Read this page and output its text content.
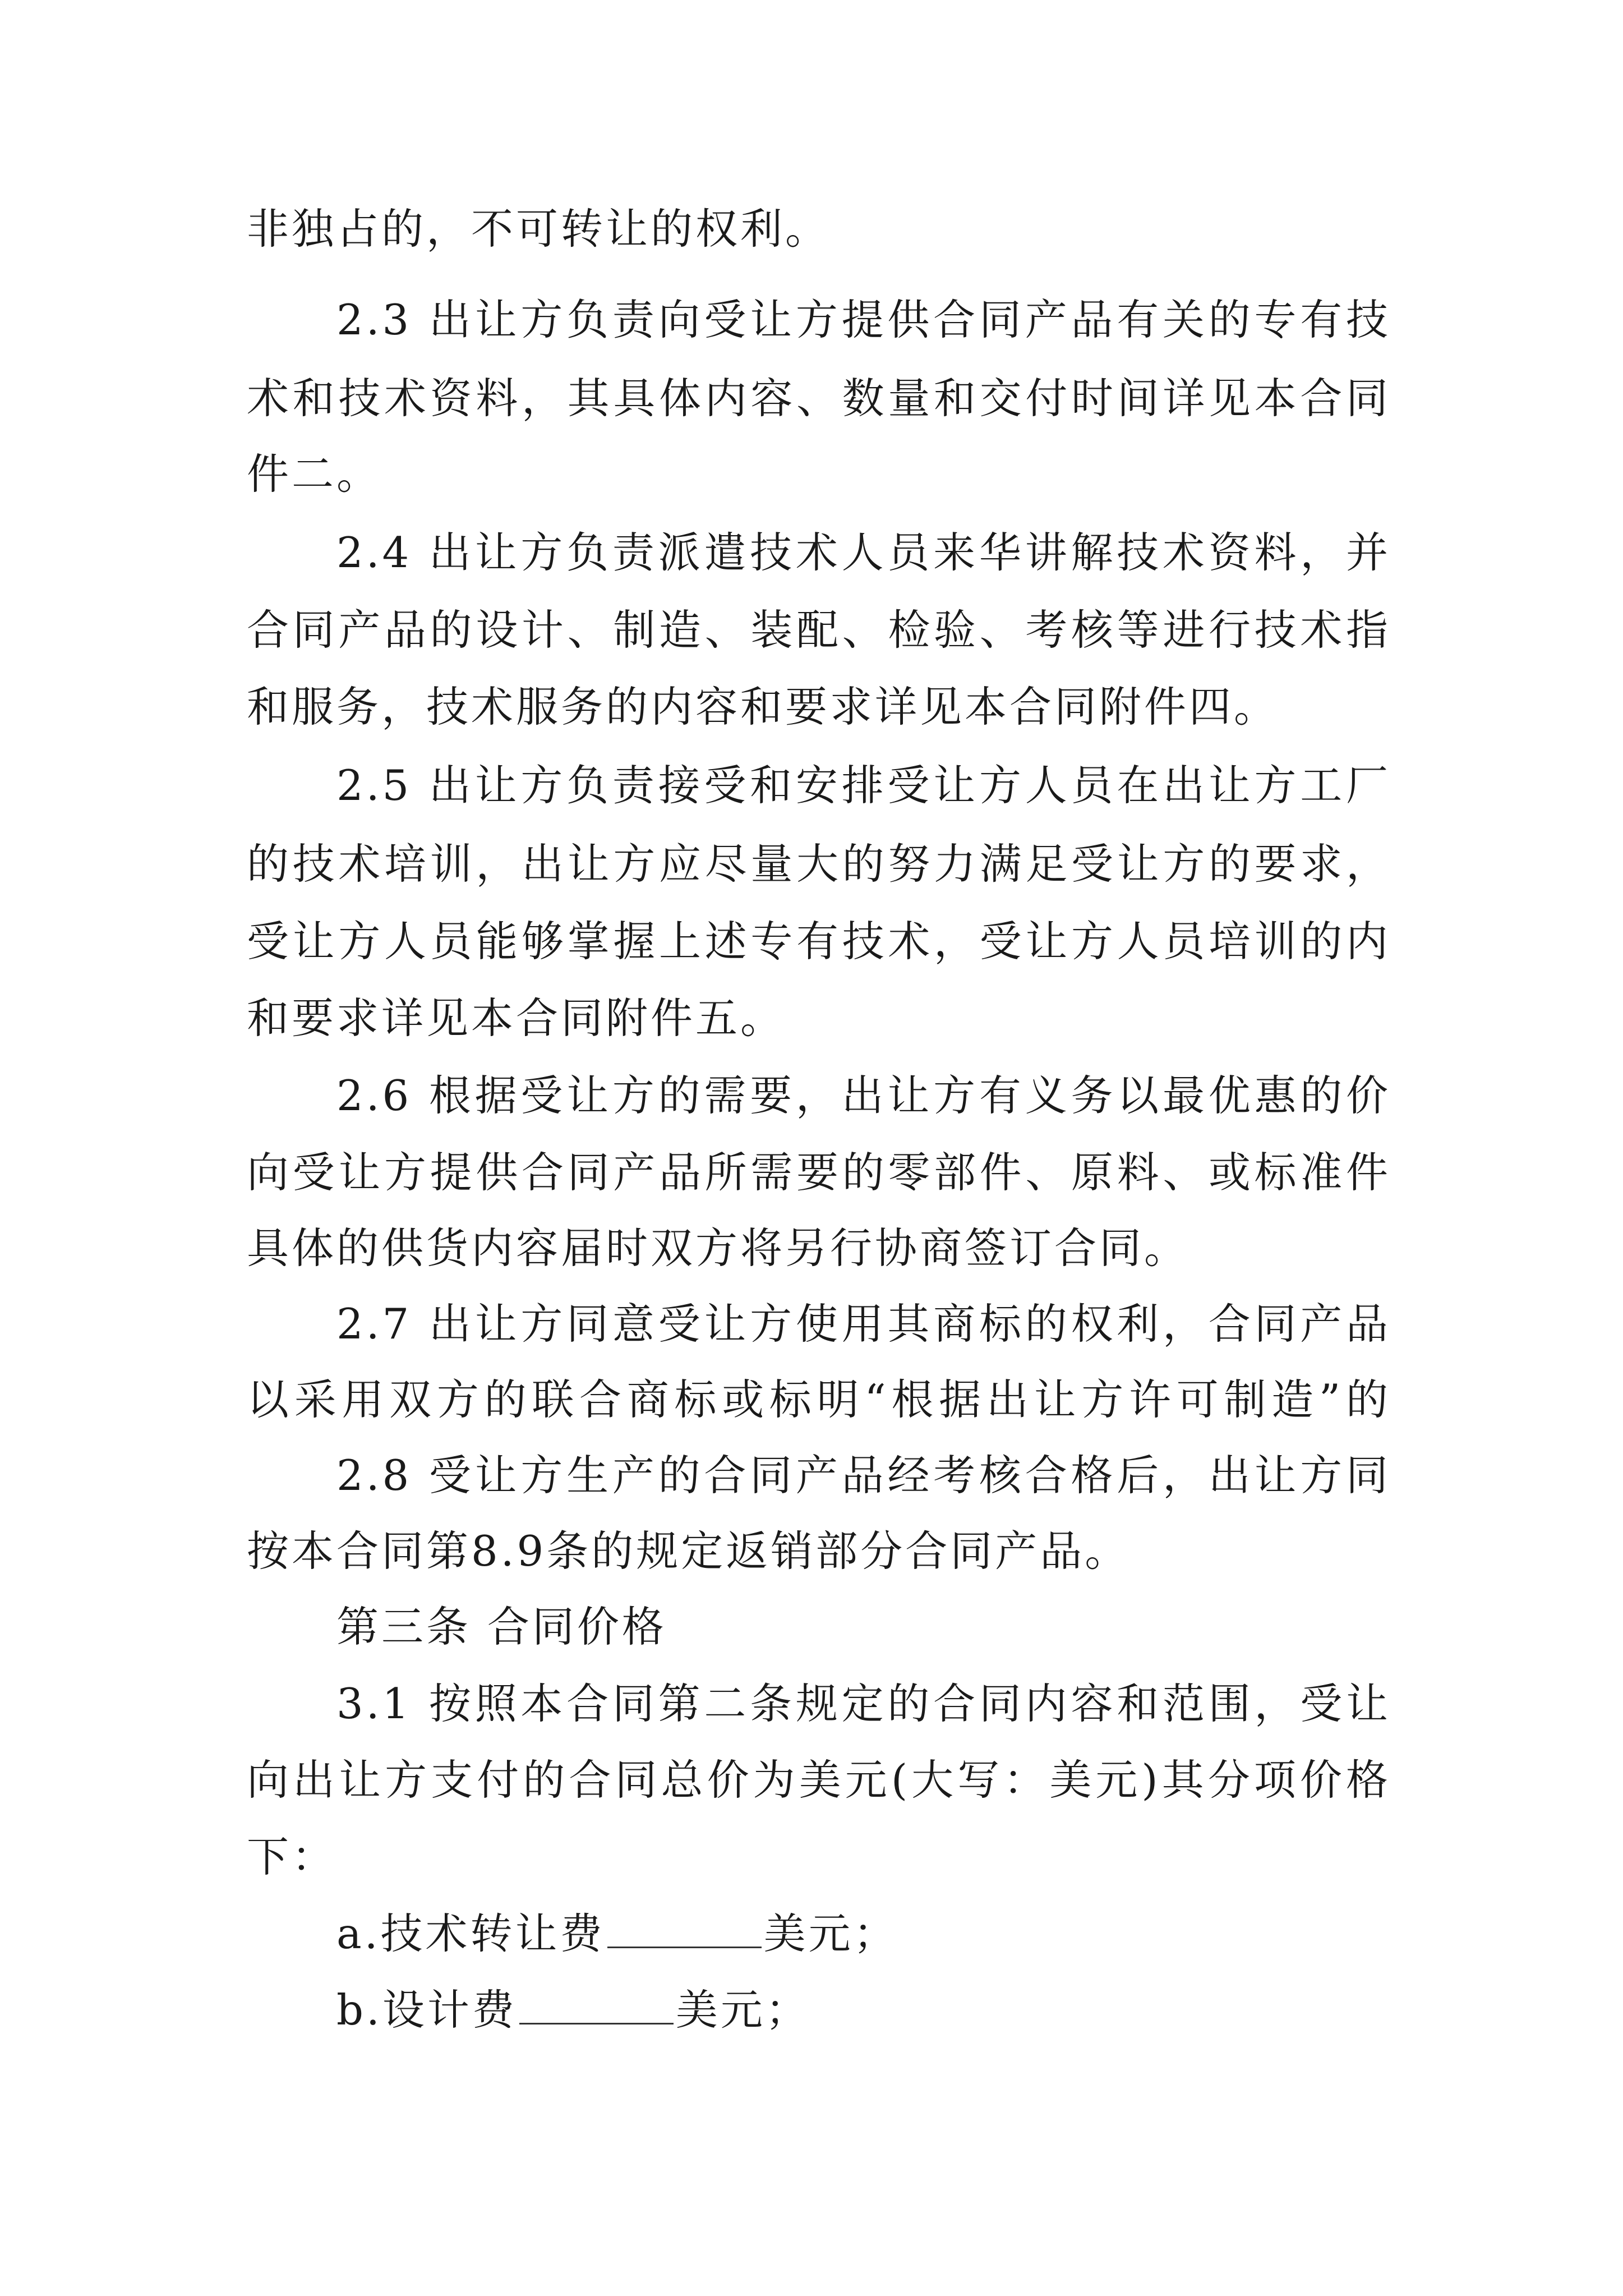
非独占的，不可转让的权利。
2.3 出让方负责向受让方提供合同产品有关的专有技
术和技术资料，其具体内容、数量和交付时间详见本合同
件二。
2.4 出让方负责派遣技术人员来华讲解技术资料，并
合同产品的设计、制造、装配、检验、考核等进行技术指
和服务，技术服务的内容和要求详见本合同附件四。
2.5 出让方负责接受和安排受让方人员在出让方工厂
的技术培训，出让方应尽量大的努力满足受让方的要求，
受让方人员能够掌握上述专有技术，受让方人员培训的内
和要求详见本合同附件五。
2.6 根据受让方的需要，出让方有义务以最优惠的价
向受让方提供合同产品所需要的零部件、原料、或标准件
具体的供货内容届时双方将另行协商签订合同。
2.7 出让方同意受让方使用其商标的权利，合同产品
以采用双方的联合商标或标明“根据出让方许可制造”的
2.8 受让方生产的合同产品经考核合格后，出让方同
按本合同第8.9条的规定返销部分合同产品。
第三条 合同价格
3.1 按照本合同第二条规定的合同内容和范围，受让
向出让方支付的合同总价为美元(大写：美元)其分项价格
下：
a.技术转让费	美元；
b.设计费	美元；
